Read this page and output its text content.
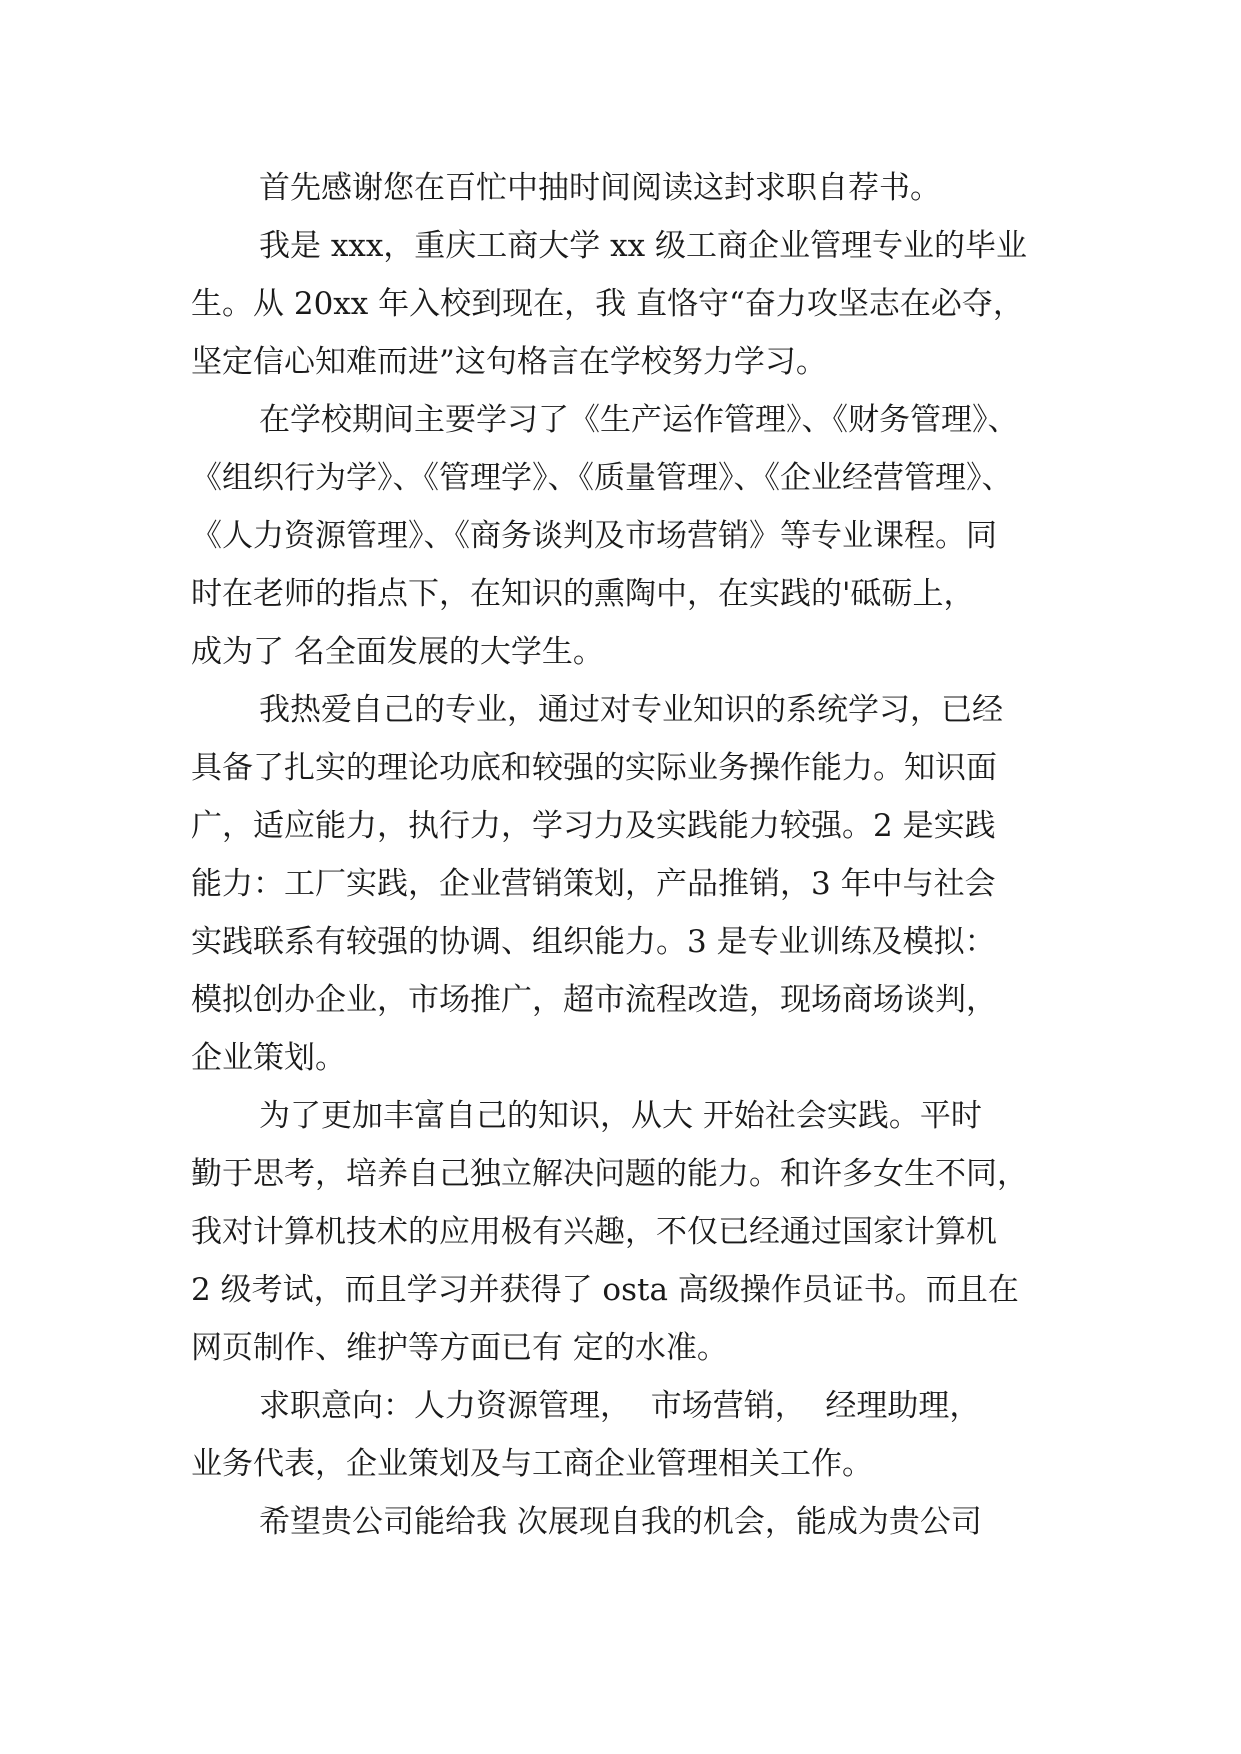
首先感谢您在百忙中抽时间阅读这封求职自荐书。
我是 xxx，重庆工商大学 xx 级工商企业管理专业的毕业
生。从 20xx 年入校到现在，我 直恪守“奋力攻坚志在必夺，
坚定信心知难而进”这句格言在学校努力学习。
在学校期间主要学习了《生产运作管理》、《财务管理》、
《组织行为学》、《管理学》、《质量管理》、《企业经营管理》、
《人力资源管理》、《商务谈判及市场营销》等专业课程。同
时在老师的指点下，在知识的熏陶中，在实践的'砥砺上，
成为了 名全面发展的大学生。
我热爱自己的专业，通过对专业知识的系统学习，已经
具备了扎实的理论功底和较强的实际业务操作能力。知识面
广，适应能力，执行力，学习力及实践能力较强。2 是实践
能力：工厂实践，企业营销策划，产品推销，3 年中与社会
实践联系有较强的协调、组织能力。3 是专业训练及模拟：
模拟创办企业，市场推广，超市流程改造，现场商场谈判，
企业策划。
为了更加丰富自己的知识，从大 开始社会实践。平时
勤于思考，培养自己独立解决问题的能力。和许多女生不同，
我对计算机技术的应用极有兴趣，不仅已经通过国家计算机
2 级考试，而且学习并获得了 osta 高级操作员证书。而且在
网页制作、维护等方面已有 定的水准。
求职意向：人力资源管理，  市场营销，  经理助理，
业务代表，企业策划及与工商企业管理相关工作。
希望贵公司能给我 次展现自我的机会，能成为贵公司
